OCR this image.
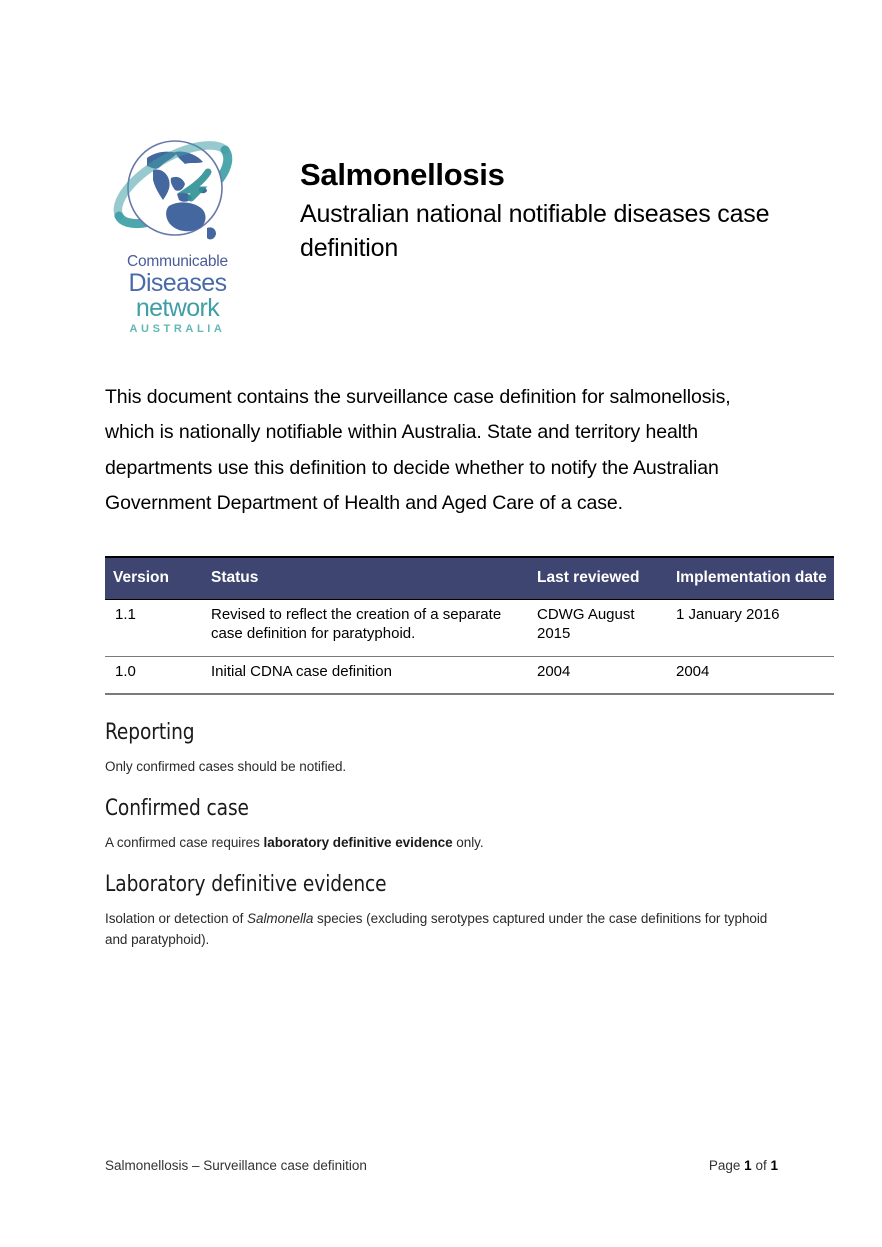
Communicable
Diseases
network
AUSTRALIA
Salmonellosis
Australian national notifiable diseases case definition

This document contains the surveillance case definition for salmonellosis, which is nationally notifiable within Australia. State and territory health departments use this definition to decide whether to notify the Australian Government Department of Health and Aged Care of a case.

Version	Status	Last reviewed	Implementation date
1.1	Revised to reflect the creation of a separate case definition for paratyphoid.	CDWG August 2015	1 January 2016
1.0	Initial CDNA case definition	2004	2004
Reporting

Only confirmed cases should be notified.

Confirmed case

A confirmed case requires laboratory definitive evidence only.

Laboratory definitive evidence

Isolation or detection of Salmonella species (excluding serotypes captured under the case definitions for typhoid and paratyphoid).

Salmonellosis – Surveillance case definition	Page 1 of 1
